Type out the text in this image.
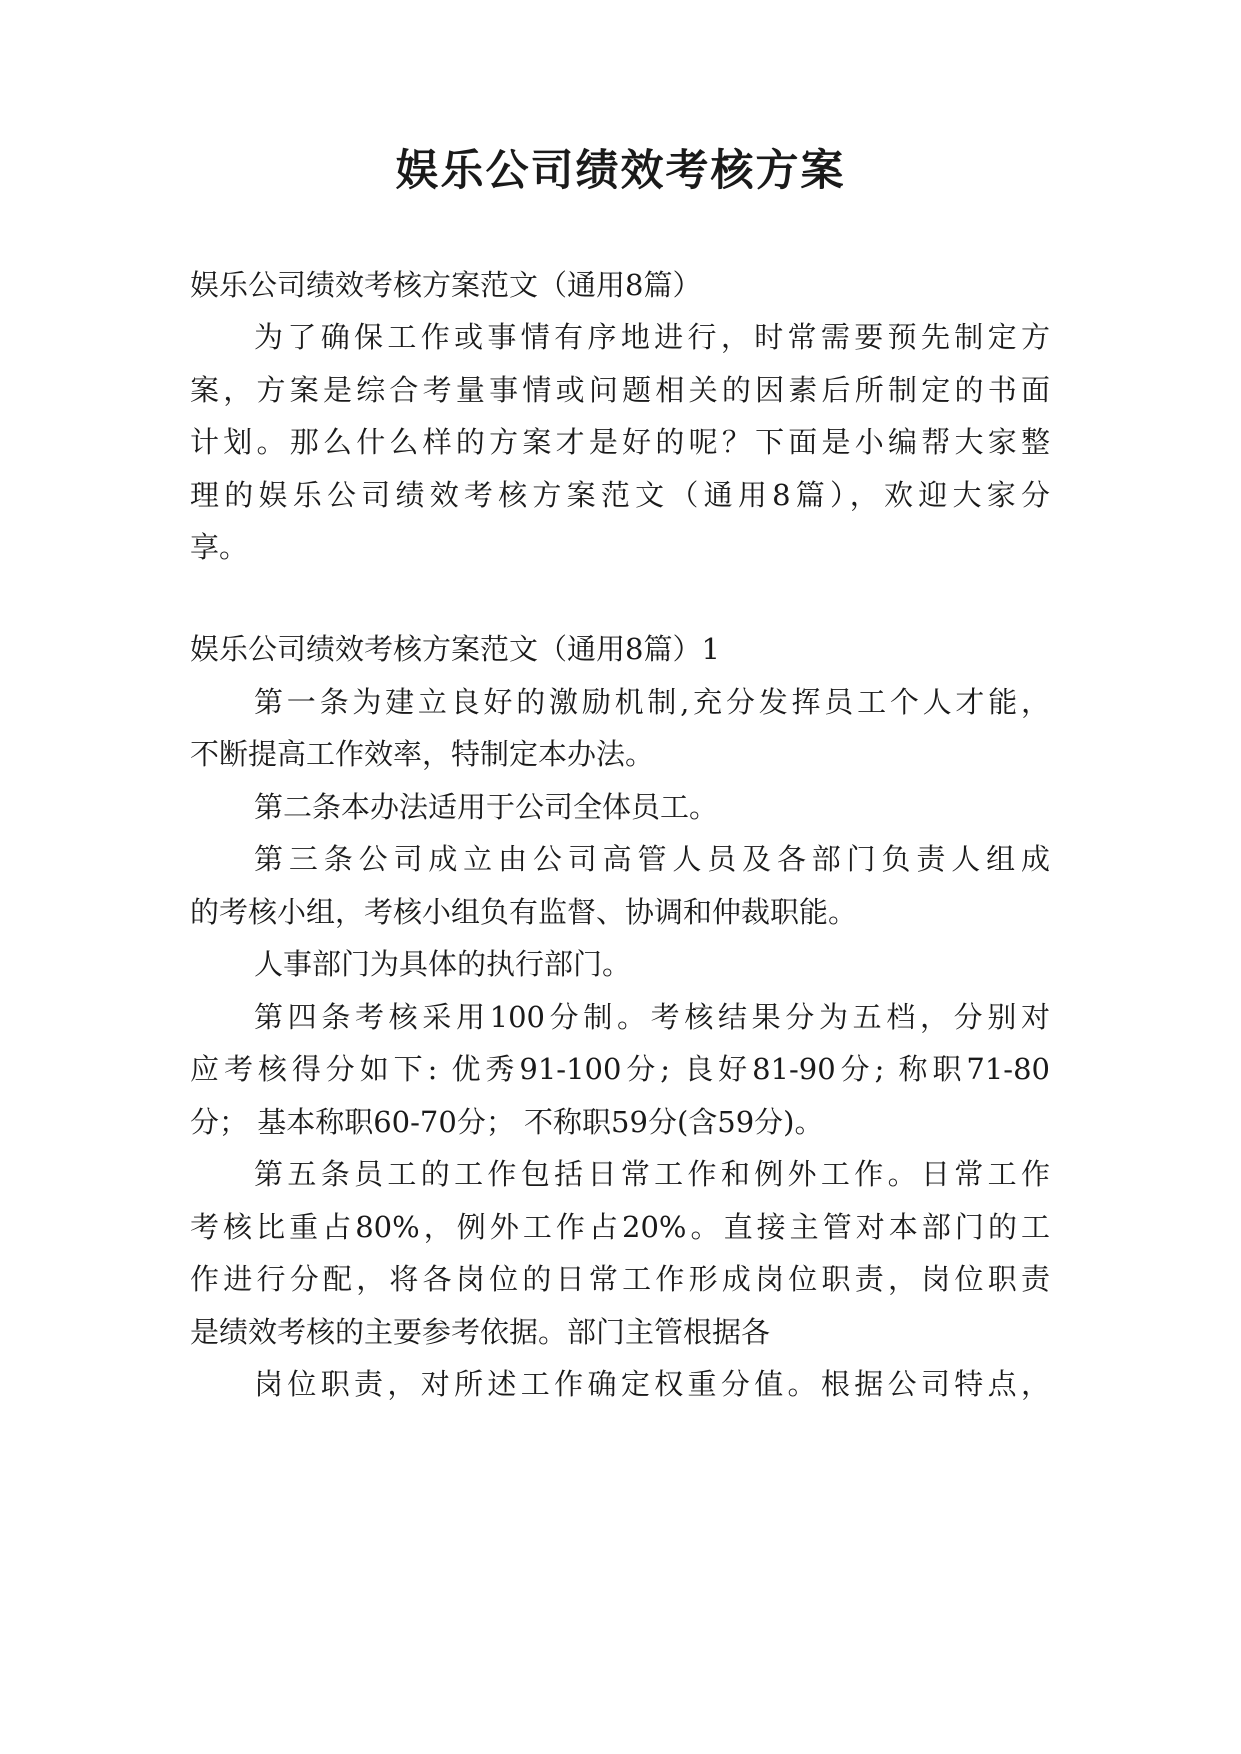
娱乐公司绩效考核方案
娱乐公司绩效考核方案范文（通用8篇）
为了确保工作或事情有序地进行，时常需要预先制定方
案，方案是综合考量事情或问题相关的因素后所制定的书面
计划。那么什么样的方案才是好的呢？下面是小编帮大家整
理的娱乐公司绩效考核方案范文（通用8篇），欢迎大家分
享。
娱乐公司绩效考核方案范文（通用8篇）1
第一条为建立良好的激励机制,充分发挥员工个人才能，
不断提高工作效率，特制定本办法。
第二条本办法适用于公司全体员工。
第三条公司成立由公司高管人员及各部门负责人组成
的考核小组，考核小组负有监督、协调和仲裁职能。
人事部门为具体的执行部门。
第四条考核采用100分制。考核结果分为五档，分别对
应考核得分如下: 优秀91-100分; 良好81-90分; 称职71-80
分； 基本称职60-70分； 不称职59分(含59分)。
第五条员工的工作包括日常工作和例外工作。日常工作
考核比重占80%，例外工作占20%。直接主管对本部门的工
作进行分配，将各岗位的日常工作形成岗位职责，岗位职责
是绩效考核的主要参考依据。部门主管根据各
岗位职责，对所述工作确定权重分值。根据公司特点，
